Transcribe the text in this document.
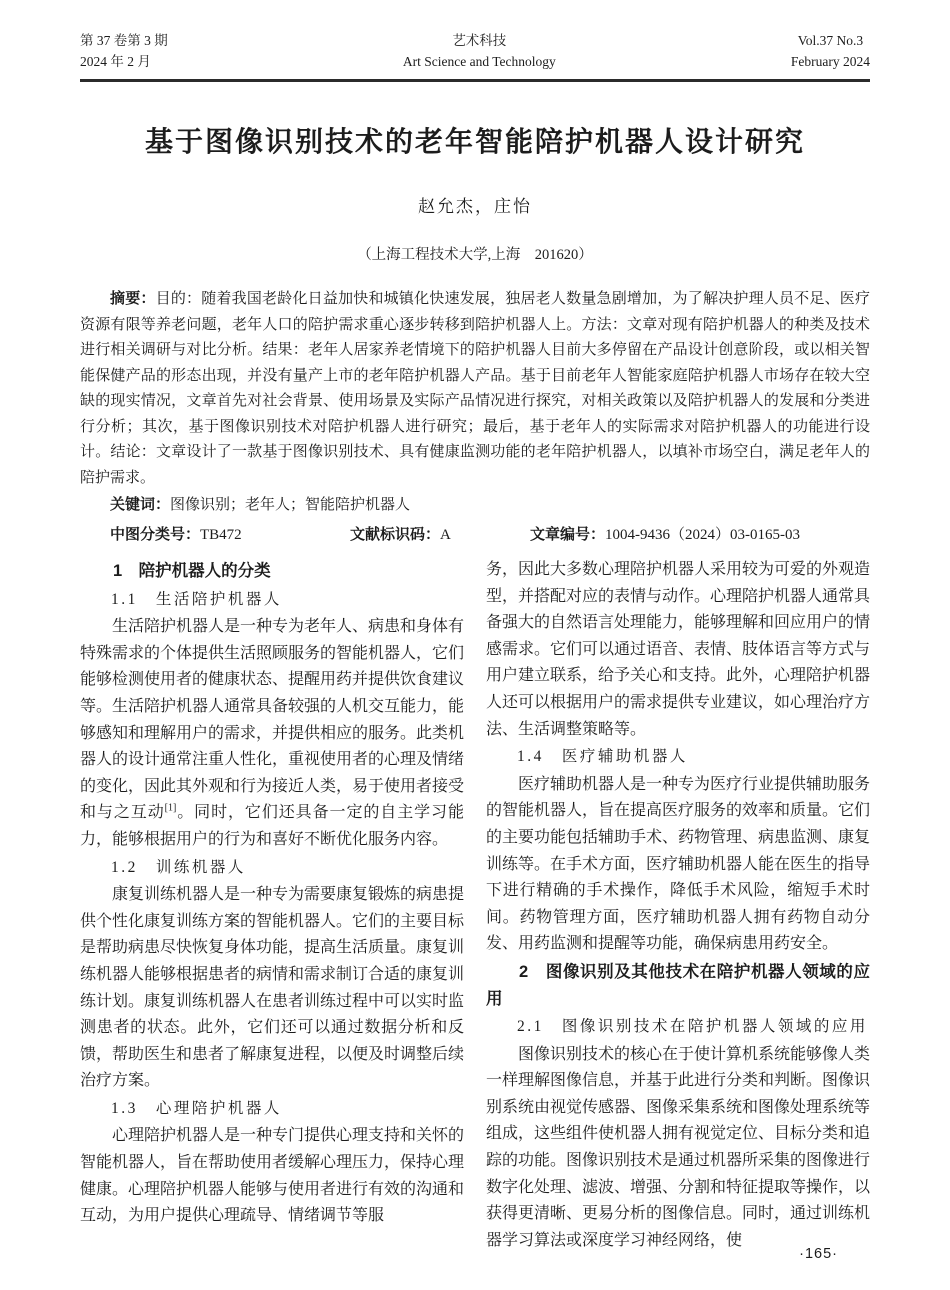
第 37 卷第 3 期
2024 年 2 月
艺术科技
Art Science and Technology
Vol.37 No.3
February 2024
基于图像识别技术的老年智能陪护机器人设计研究
赵允杰，庄怡
（上海工程技术大学,上海　201620）
摘要：目的：随着我国老龄化日益加快和城镇化快速发展，独居老人数量急剧增加，为了解决护理人员不足、医疗资源有限等养老问题，老年人口的陪护需求重心逐步转移到陪护机器人上。方法：文章对现有陪护机器人的种类及技术进行相关调研与对比分析。结果：老年人居家养老情境下的陪护机器人目前大多停留在产品设计创意阶段，或以相关智能保健产品的形态出现，并没有量产上市的老年陪护机器人产品。基于目前老年人智能家庭陪护机器人市场存在较大空缺的现实情况，文章首先对社会背景、使用场景及实际产品情况进行探究，对相关政策以及陪护机器人的发展和分类进行分析；其次，基于图像识别技术对陪护机器人进行研究；最后，基于老年人的实际需求对陪护机器人的功能进行设计。结论：文章设计了一款基于图像识别技术、具有健康监测功能的老年陪护机器人，以填补市场空白，满足老年人的陪护需求。
关键词：图像识别；老年人；智能陪护机器人
中图分类号：TB472	文献标识码：A	文章编号：1004-9436（2024）03-0165-03
1　陪护机器人的分类
1.1　生活陪护机器人

生活陪护机器人是一种专为老年人、病患和身体有特殊需求的个体提供生活照顾服务的智能机器人，它们能够检测使用者的健康状态、提醒用药并提供饮食建议等。生活陪护机器人通常具备较强的人机交互能力，能够感知和理解用户的需求，并提供相应的服务。此类机器人的设计通常注重人性化，重视使用者的心理及情绪的变化，因此其外观和行为接近人类，易于使用者接受和与之互动[1]。同时，它们还具备一定的自主学习能力，能够根据用户的行为和喜好不断优化服务内容。

1.2　训练机器人

康复训练机器人是一种专为需要康复锻炼的病患提供个性化康复训练方案的智能机器人。它们的主要目标是帮助病患尽快恢复身体功能，提高生活质量。康复训练机器人能够根据患者的病情和需求制订合适的康复训练计划。康复训练机器人在患者训练过程中可以实时监测患者的状态。此外，它们还可以通过数据分析和反馈，帮助医生和患者了解康复进程，以便及时调整后续治疗方案。

1.3　心理陪护机器人

心理陪护机器人是一种专门提供心理支持和关怀的智能机器人，旨在帮助使用者缓解心理压力，保持心理健康。心理陪护机器人能够与使用者进行有效的沟通和互动，为用户提供心理疏导、情绪调节等服

务，因此大多数心理陪护机器人采用较为可爱的外观造型，并搭配对应的表情与动作。心理陪护机器人通常具备强大的自然语言处理能力，能够理解和回应用户的情感需求。它们可以通过语音、表情、肢体语言等方式与用户建立联系，给予关心和支持。此外，心理陪护机器人还可以根据用户的需求提供专业建议，如心理治疗方法、生活调整策略等。

1.4　医疗辅助机器人

医疗辅助机器人是一种专为医疗行业提供辅助服务的智能机器人，旨在提高医疗服务的效率和质量。它们的主要功能包括辅助手术、药物管理、病患监测、康复训练等。在手术方面，医疗辅助机器人能在医生的指导下进行精确的手术操作，降低手术风险，缩短手术时间。药物管理方面，医疗辅助机器人拥有药物自动分发、用药监测和提醒等功能，确保病患用药安全。

2　图像识别及其他技术在陪护机器人领域的应用
2.1　图像识别技术在陪护机器人领域的应用

图像识别技术的核心在于使计算机系统能够像人类一样理解图像信息，并基于此进行分类和判断。图像识别系统由视觉传感器、图像采集系统和图像处理系统等组成，这些组件使机器人拥有视觉定位、目标分类和追踪的功能。图像识别技术是通过机器所采集的图像进行数字化处理、滤波、增强、分割和特征提取等操作，以获得更清晰、更易分析的图像信息。同时，通过训练机器学习算法或深度学习神经网络，使

·165·
